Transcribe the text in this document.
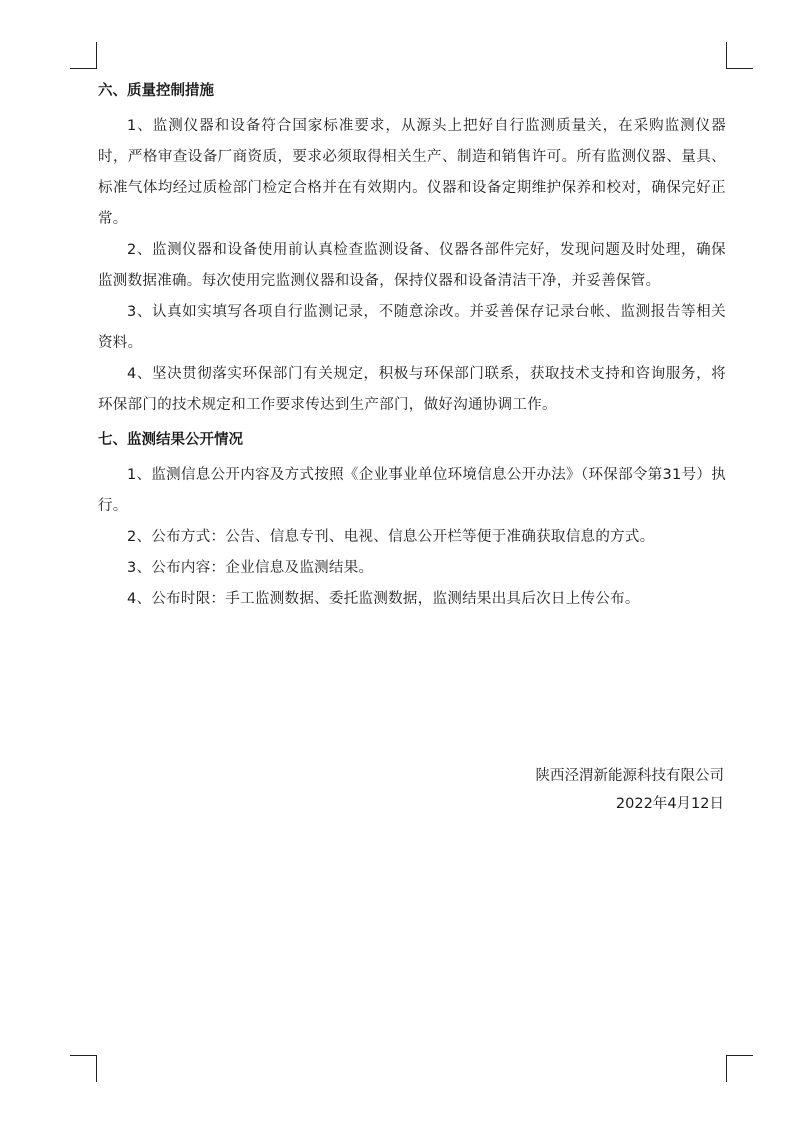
六、质量控制措施

1、监测仪器和设备符合国家标准要求，从源头上把好自行监测质量关，在采购监测仪器时，严格审查设备厂商资质，要求必须取得相关生产、制造和销售许可。所有监测仪器、量具、标准气体均经过质检部门检定合格并在有效期内。仪器和设备定期维护保养和校对，确保完好正常。

2、监测仪器和设备使用前认真检查监测设备、仪器各部件完好，发现问题及时处理，确保监测数据准确。每次使用完监测仪器和设备，保持仪器和设备清洁干净，并妥善保管。

3、认真如实填写各项自行监测记录，不随意涂改。并妥善保存记录台帐、监测报告等相关资料。

4、坚决贯彻落实环保部门有关规定，积极与环保部门联系，获取技术支持和咨询服务，将环保部门的技术规定和工作要求传达到生产部门，做好沟通协调工作。

七、监测结果公开情况

1、监测信息公开内容及方式按照《企业事业单位环境信息公开办法》（环保部令第31号）执行。

2、公布方式：公告、信息专刊、电视、信息公开栏等便于准确获取信息的方式。

3、公布内容：企业信息及监测结果。

4、公布时限：手工监测数据、委托监测数据，监测结果出具后次日上传公布。

陕西泾渭新能源科技有限公司
2022年4月12日
